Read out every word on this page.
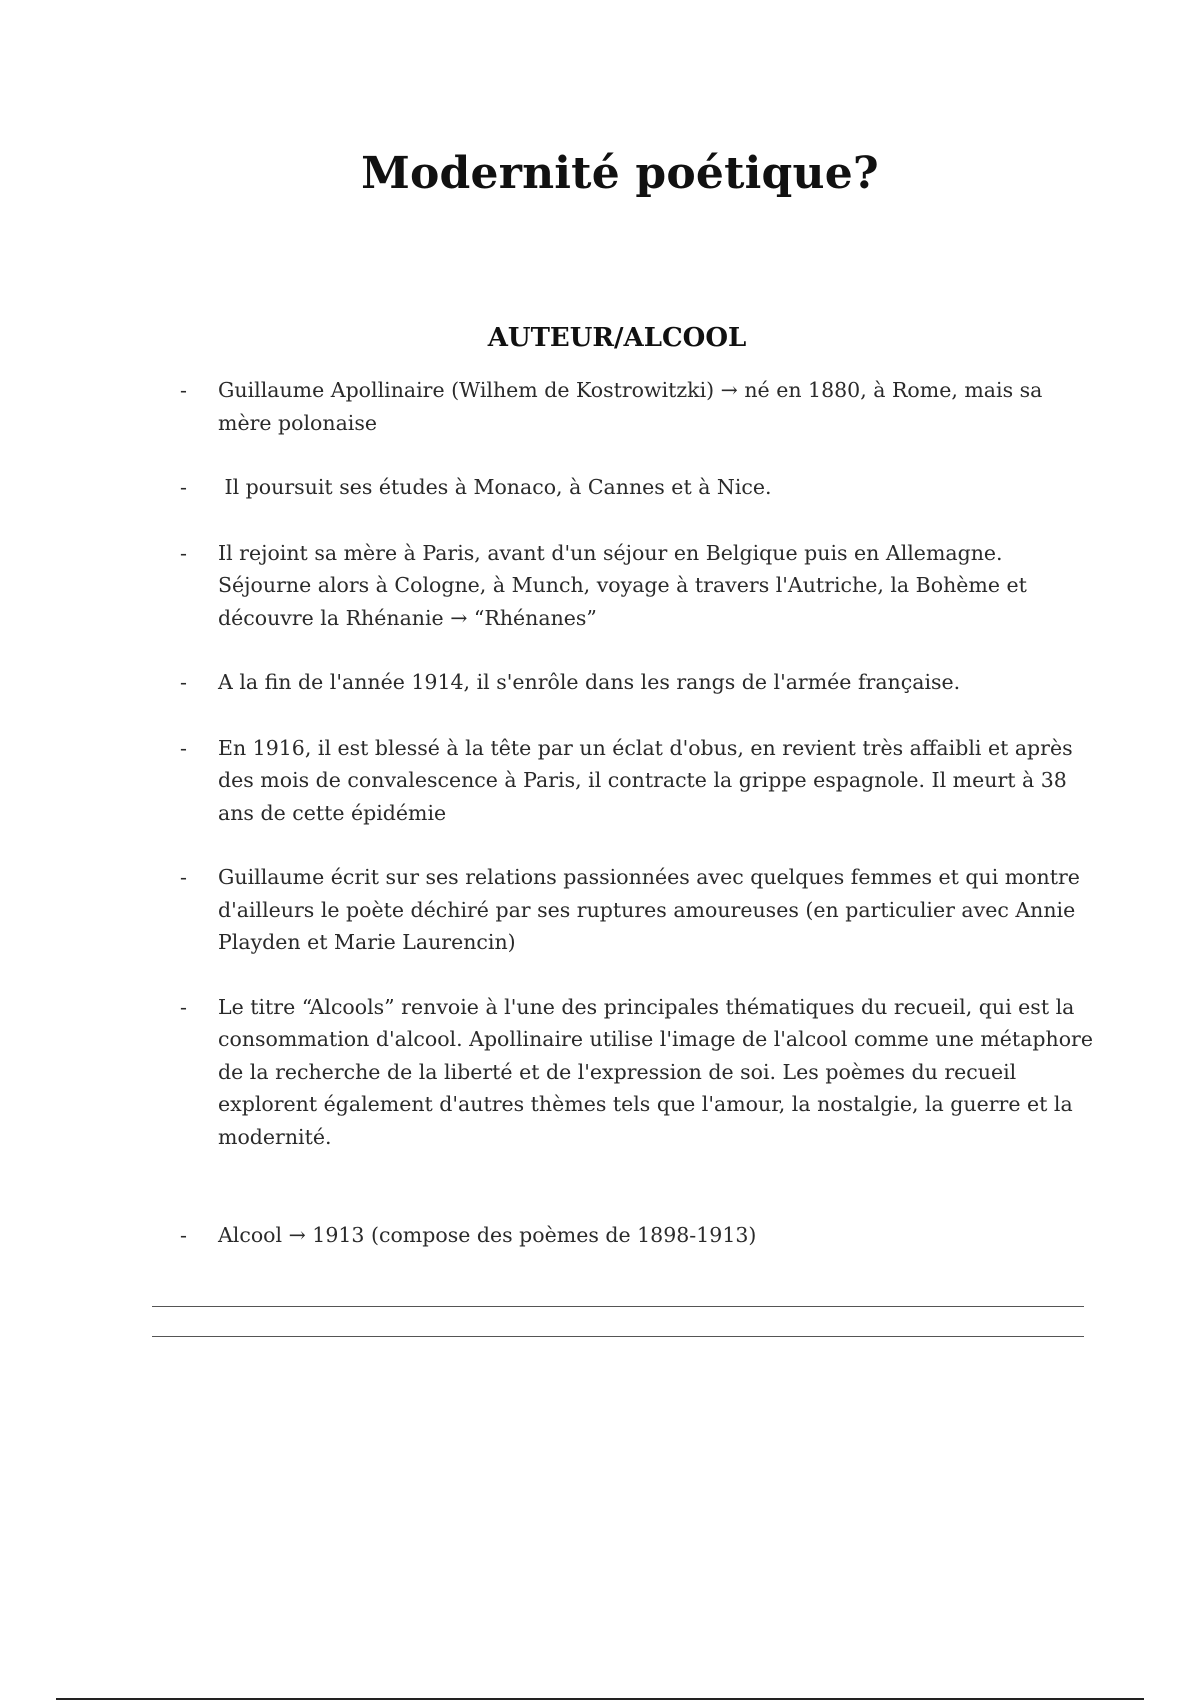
Modernité poétique?
AUTEUR/ALCOOL
-	Guillaume Apollinaire (Wilhem de Kostrowitzki) → né en 1880, à Rome, mais sa mère polonaise
-	Il poursuit ses études à Monaco, à Cannes et à Nice.
-	Il rejoint sa mère à Paris, avant d'un séjour en Belgique puis en Allemagne. Séjourne alors à Cologne, à Munch, voyage à travers l'Autriche, la Bohème et découvre la Rhénanie → “Rhénanes”
-	A la fin de l'année 1914, il s'enrôle dans les rangs de l'armée française.
-	En 1916, il est blessé à la tête par un éclat d'obus, en revient très affaibli et après des mois de convalescence à Paris, il contracte la grippe espagnole. Il meurt à 38 ans de cette épidémie
-	Guillaume écrit sur ses relations passionnées avec quelques femmes et qui montre d'ailleurs le poète déchiré par ses ruptures amoureuses (en particulier avec Annie Playden et Marie Laurencin)
-	Le titre “Alcools” renvoie à l'une des principales thématiques du recueil, qui est la consommation d'alcool. Apollinaire utilise l'image de l'alcool comme une métaphore de la recherche de la liberté et de l'expression de soi. Les poèmes du recueil explorent également d'autres thèmes tels que l'amour, la nostalgie, la guerre et la modernité.
-	Alcool → 1913 (compose des poèmes de 1898-1913)
